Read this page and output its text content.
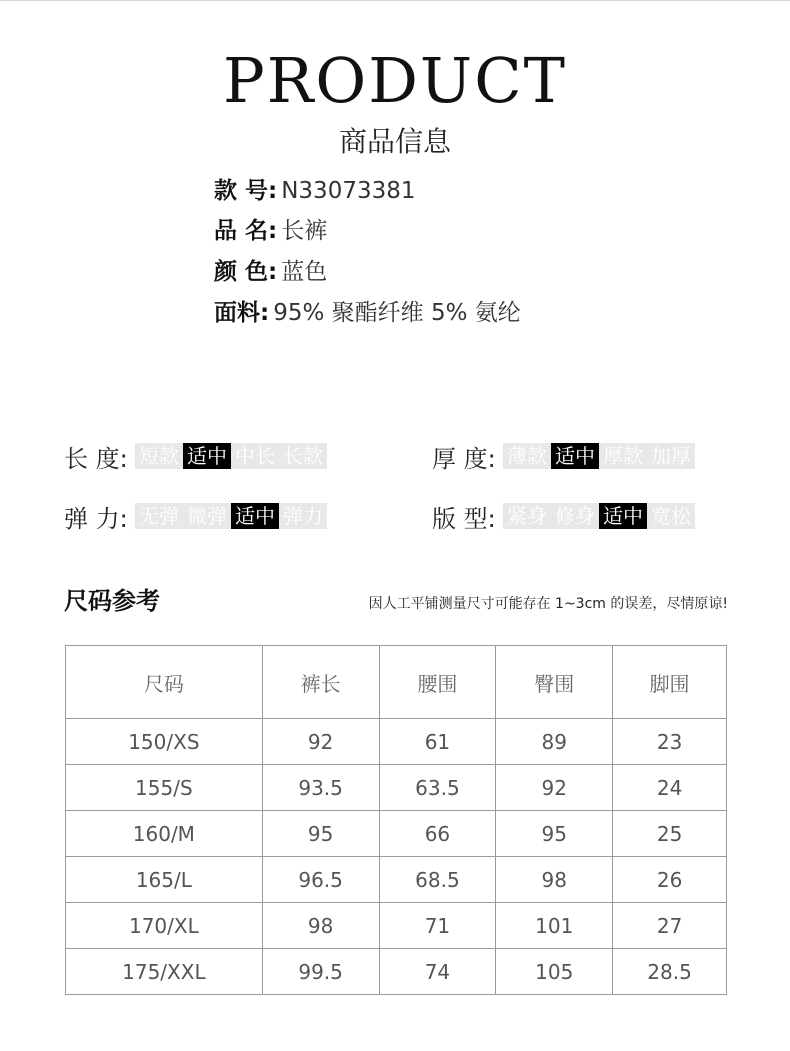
PRODUCT
商品信息
款 号: N33073381
品 名: 长裤
颜 色: 蓝色
面料: 95% 聚酯纤维 5% 氨纶
长 度: 短款 适中 中长 长款	厚 度: 薄款 适中 厚款 加厚
弹 力: 无弹 微弹 适中 弹力	版 型: 紧身 修身 适中 宽松
尺码参考	因人工平铺测量尺寸可能存在 1~3cm 的误差，尽情原谅!
尺码	裤长	腰围	臀围	脚围
150/XS	92	61	89	23
155/S	93.5	63.5	92	24
160/M	95	66	95	25
165/L	96.5	68.5	98	26
170/XL	98	71	101	27
175/XXL	99.5	74	105	28.5
